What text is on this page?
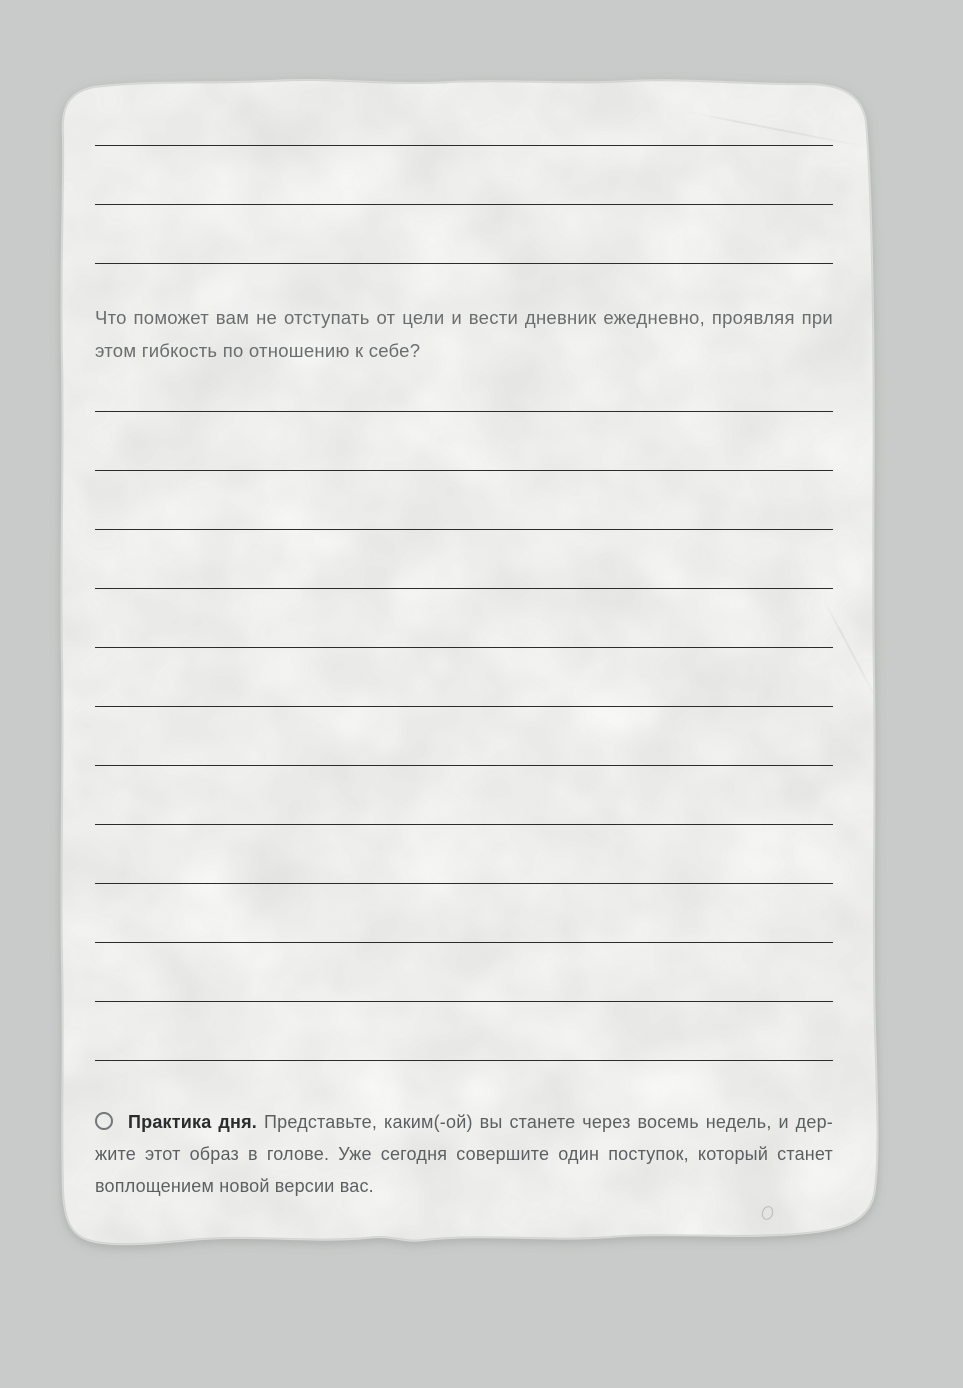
Что поможет вам не отступать от цели и вести дневник ежедневно, проявляя при
этом гибкость по отношению к себе?
Практика дня. Представьте, каким(-ой) вы станете через восемь недель, и дер-
жите этот образ в голове. Уже сегодня совершите один поступок, который станет
воплощением новой версии вас.
